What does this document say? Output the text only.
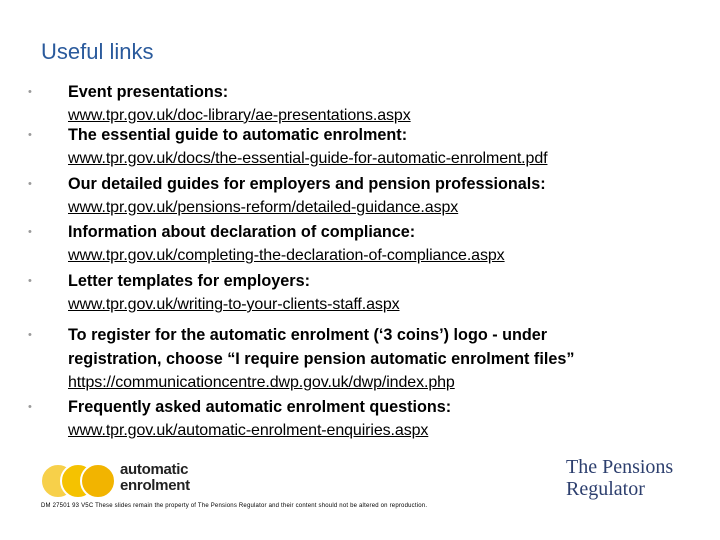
Useful links
•	Event presentations:
www.tpr.gov.uk/doc-library/ae-presentations.aspx
•	The essential guide to automatic enrolment:
www.tpr.gov.uk/docs/the-essential-guide-for-automatic-enrolment.pdf
•	Our detailed guides for employers and pension professionals:
www.tpr.gov.uk/pensions-reform/detailed-guidance.aspx
•	Information about declaration of compliance:
www.tpr.gov.uk/completing-the-declaration-of-compliance.aspx
•	Letter templates for employers:
www.tpr.gov.uk/writing-to-your-clients-staff.aspx
•	To register for the automatic enrolment (‘3 coins’) logo - under
registration, choose “I require pension automatic enrolment files”
https://communicationcentre.dwp.gov.uk/dwp/index.php
•	Frequently asked automatic enrolment questions:
www.tpr.gov.uk/automatic-enrolment-enquiries.aspx
automatic
enrolment
The Pensions
Regulator
DM 27501 93 V5C These slides remain the property of The Pensions Regulator and their content should not be altered on reproduction.
